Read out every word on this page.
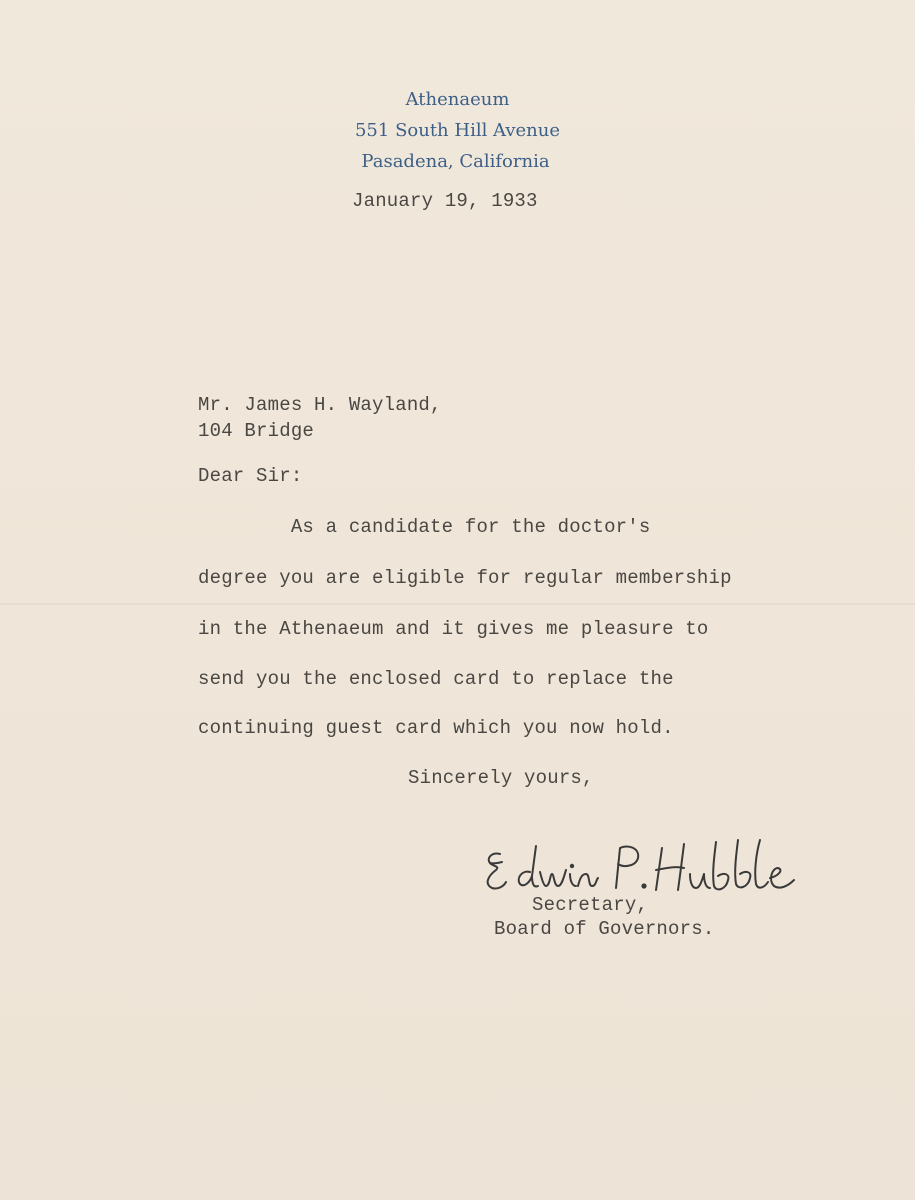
Athenaeum
551 South Hill Avenue
Pasadena, California
January 19, 1933
Mr. James H. Wayland,
104 Bridge
Dear Sir:
As a candidate for the doctor's
degree you are eligible for regular membership
in the Athenaeum and it gives me pleasure to
send you the enclosed card to replace the
continuing guest card which you now hold.
Sincerely yours,
Secretary,
Board of Governors.
